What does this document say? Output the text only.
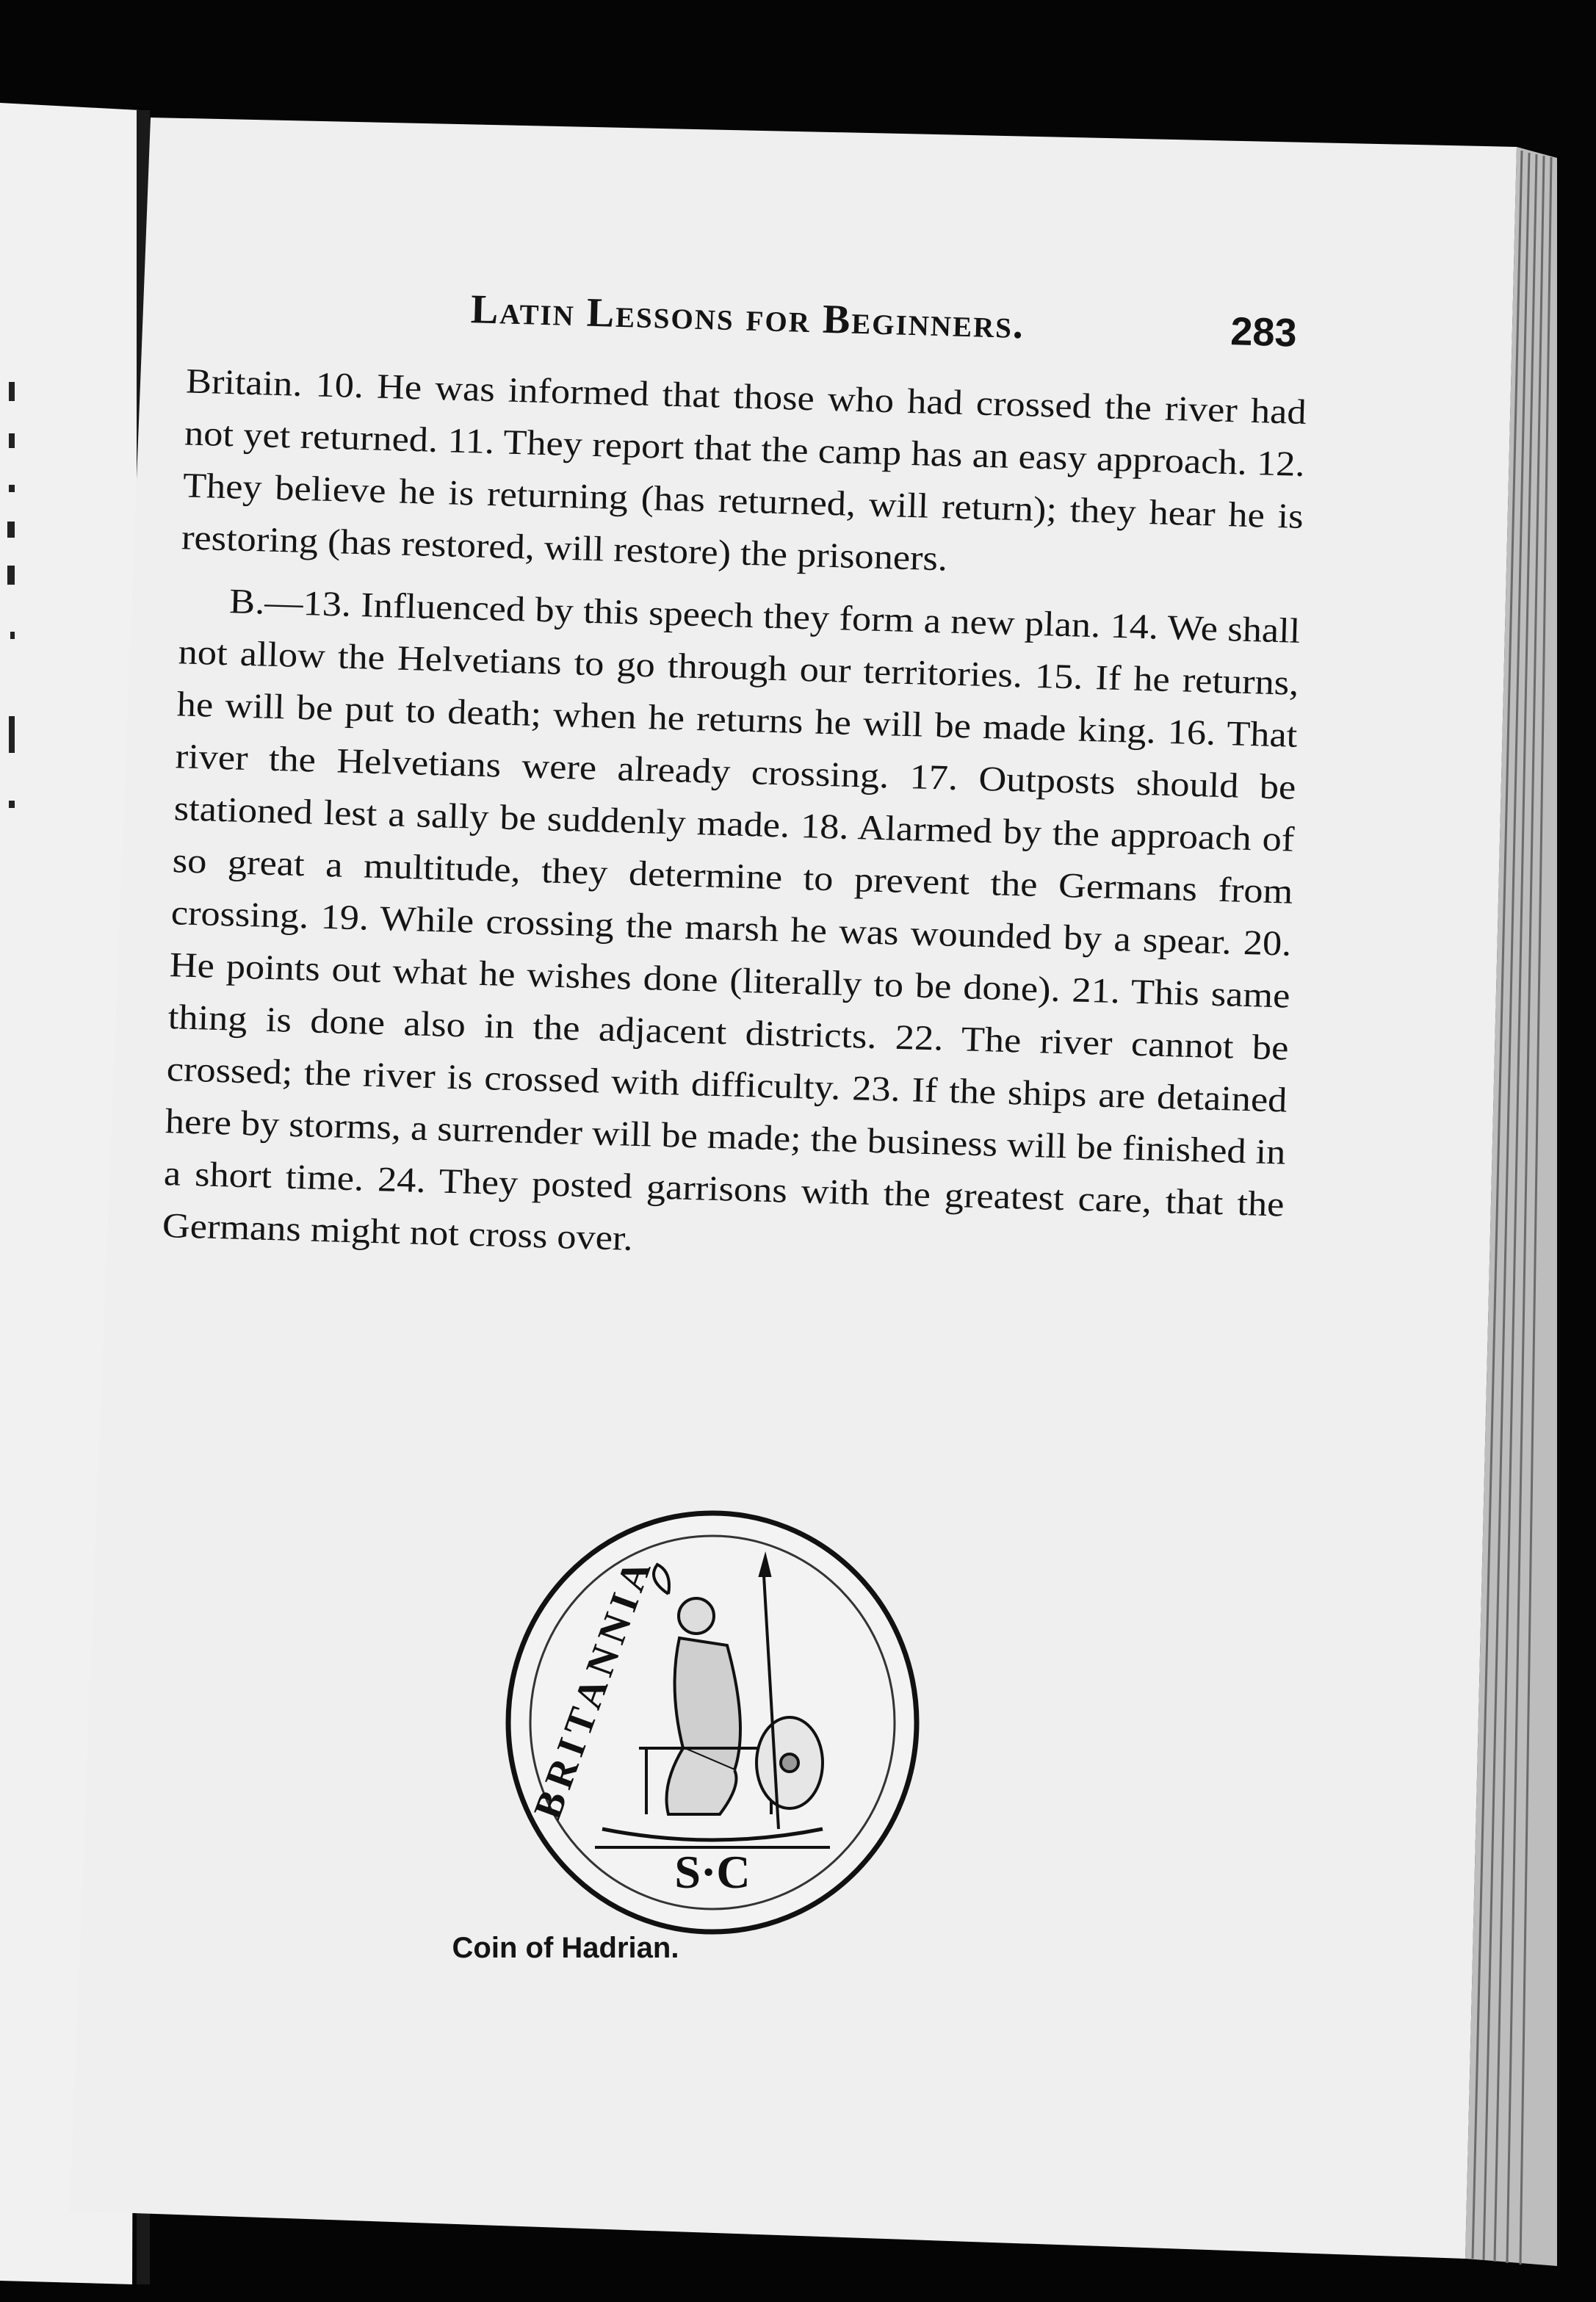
Latin Lessons for Beginners.	283

Britain. 10. He was informed that those who had crossed the river had not yet returned. 11. They report that the camp has an easy approach. 12. They believe he is returning (has returned, will return); they hear he is restoring (has restored, will restore) the prisoners.

B.—13. Influenced by this speech they form a new plan. 14. We shall not allow the Helvetians to go through our territories. 15. If he returns, he will be put to death; when he returns he will be made king. 16. That river the Helvetians were already crossing. 17. Outposts should be stationed lest a sally be suddenly made. 18. Alarmed by the approach of so great a multitude, they determine to prevent the Germans from crossing. 19. While crossing the marsh he was wounded by a spear. 20. He points out what he wishes done (literally to be done). 21. This same thing is done also in the adjacent districts. 22. The river cannot be crossed; the river is crossed with difficulty. 23. If the ships are detained here by storms, a surrender will be made; the business will be finished in a short time. 24. They posted garrisons with the greatest care, that the Germans might not cross over.

BRITANNIA
S·C
Coin of Hadrian.
